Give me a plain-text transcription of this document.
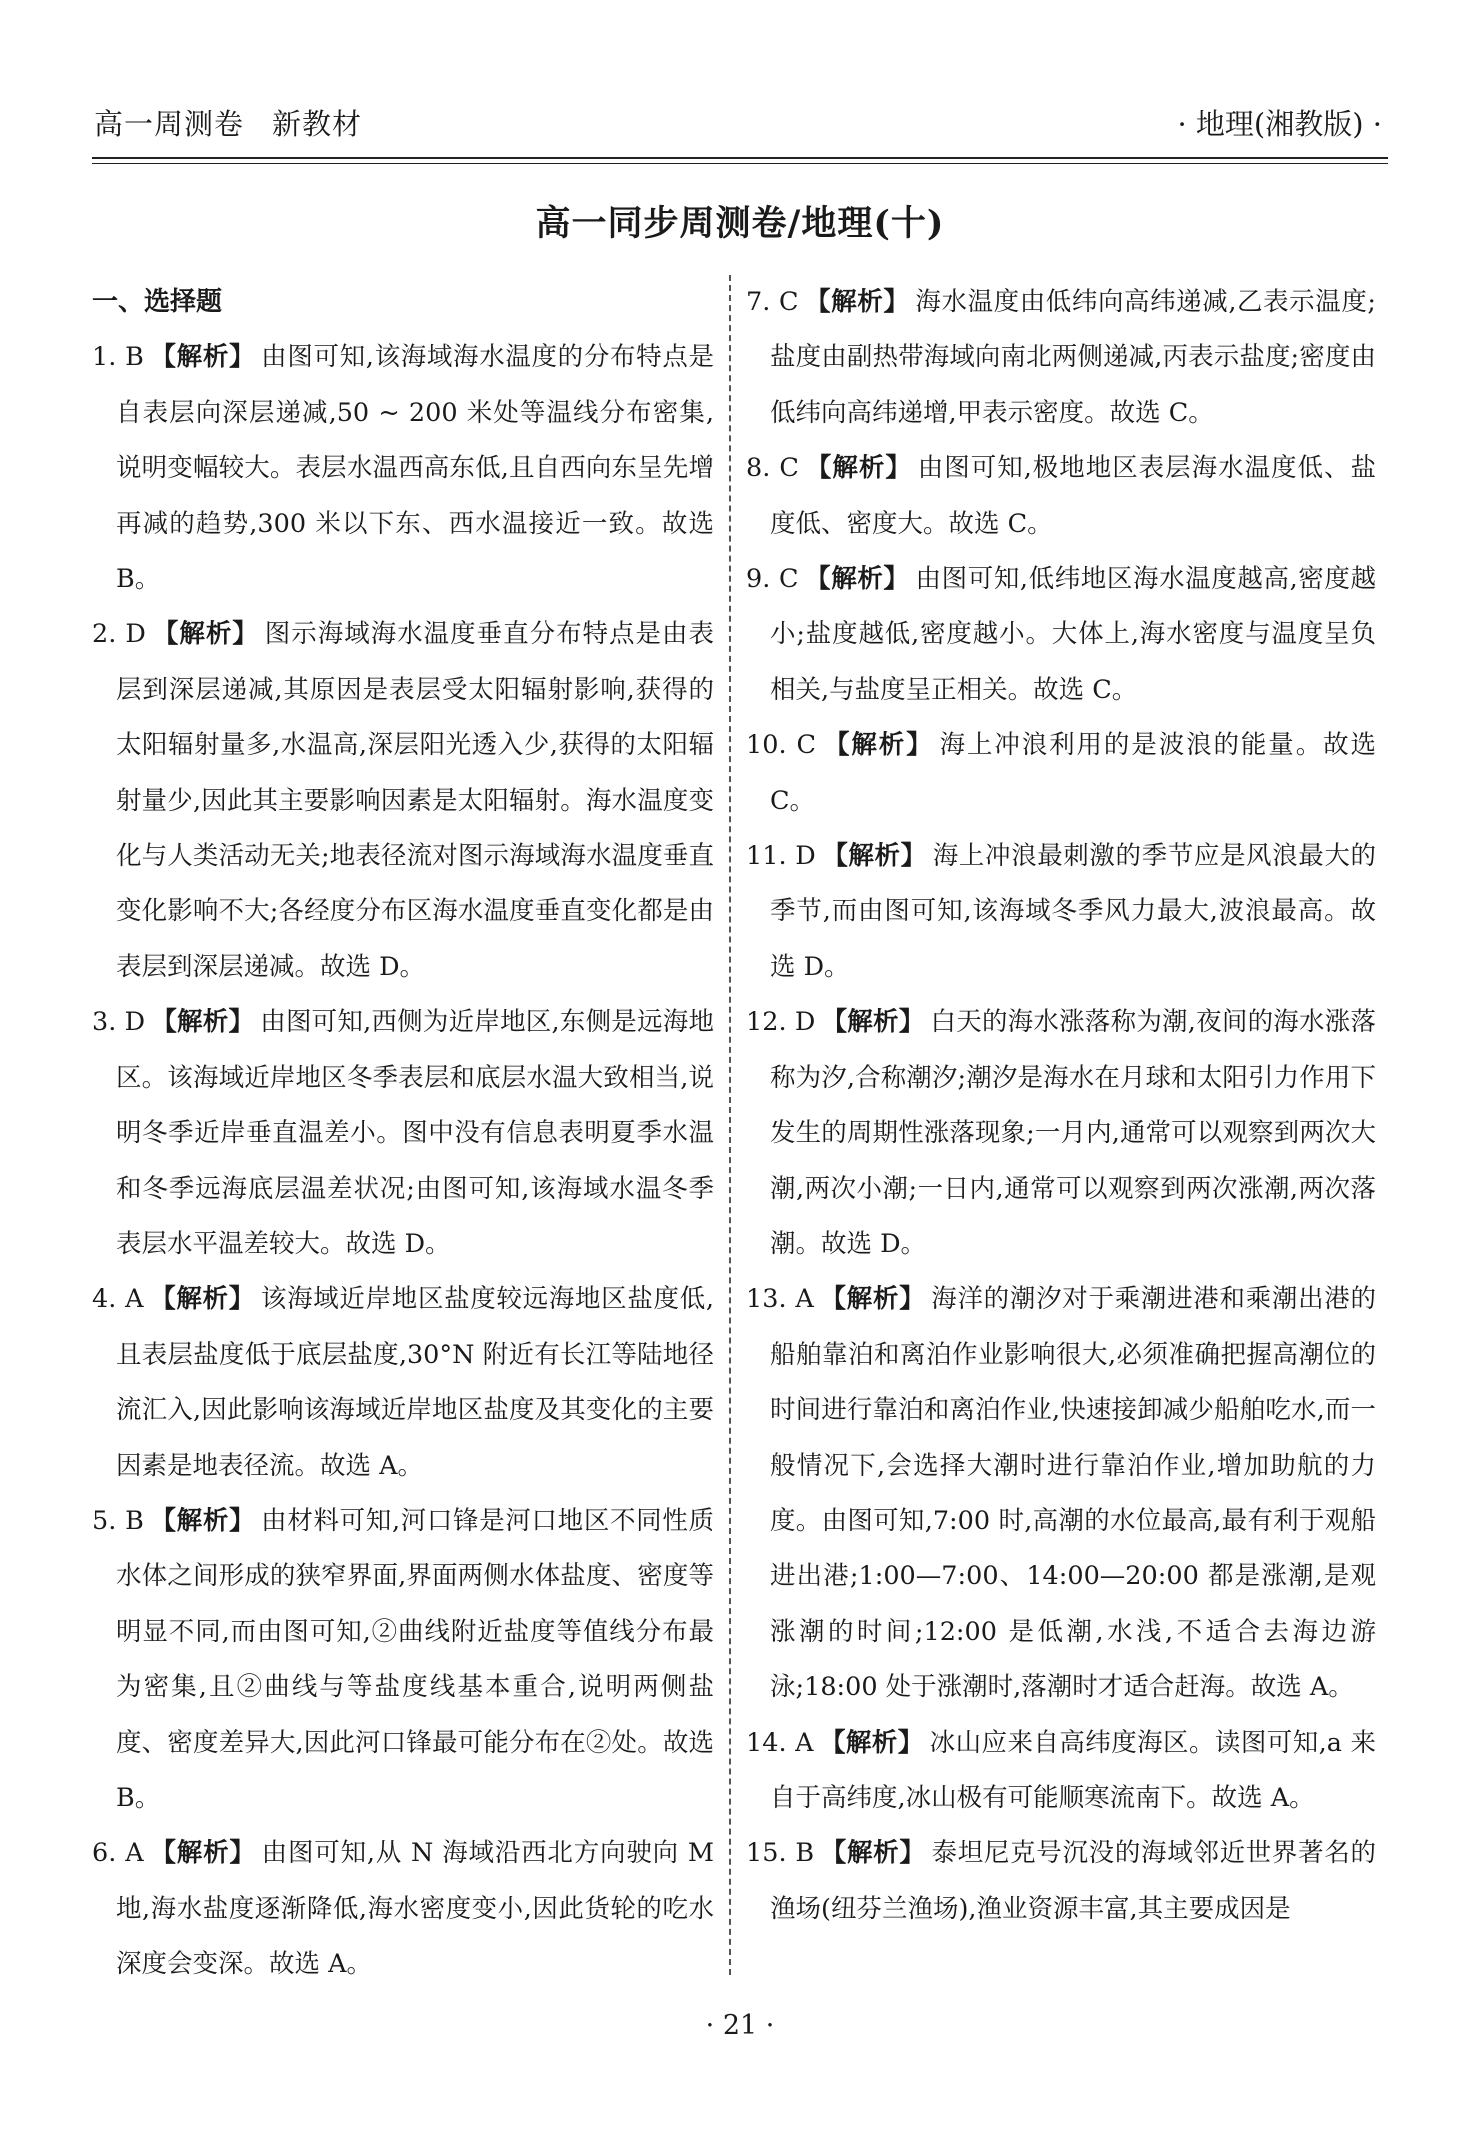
高一周测卷 新教材	· 地理(湘教版) ·
高一同步周测卷/地理(十)
一、选择题

1. B 【解析】 由图可知,该海域海水温度的分布特点是自表层向深层递减,50 ~ 200 米处等温线分布密集,说明变幅较大。表层水温西高东低,且自西向东呈先增再减的趋势,300 米以下东、西水温接近一致。故选 B。

2. D 【解析】 图示海域海水温度垂直分布特点是由表层到深层递减,其原因是表层受太阳辐射影响,获得的太阳辐射量多,水温高,深层阳光透入少,获得的太阳辐射量少,因此其主要影响因素是太阳辐射。海水温度变化与人类活动无关;地表径流对图示海域海水温度垂直变化影响不大;各经度分布区海水温度垂直变化都是由表层到深层递减。故选 D。

3. D 【解析】 由图可知,西侧为近岸地区,东侧是远海地区。该海域近岸地区冬季表层和底层水温大致相当,说明冬季近岸垂直温差小。图中没有信息表明夏季水温和冬季远海底层温差状况;由图可知,该海域水温冬季表层水平温差较大。故选 D。

4. A 【解析】 该海域近岸地区盐度较远海地区盐度低,且表层盐度低于底层盐度,30°N 附近有长江等陆地径流汇入,因此影响该海域近岸地区盐度及其变化的主要因素是地表径流。故选 A。

5. B 【解析】 由材料可知,河口锋是河口地区不同性质水体之间形成的狭窄界面,界面两侧水体盐度、密度等明显不同,而由图可知,②曲线附近盐度等值线分布最为密集,且②曲线与等盐度线基本重合,说明两侧盐度、密度差异大,因此河口锋最可能分布在②处。故选 B。

6. A 【解析】 由图可知,从 N 海域沿西北方向驶向 M 地,海水盐度逐渐降低,海水密度变小,因此货轮的吃水深度会变深。故选 A。

7. C 【解析】 海水温度由低纬向高纬递减,乙表示温度;盐度由副热带海域向南北两侧递减,丙表示盐度;密度由低纬向高纬递增,甲表示密度。故选 C。

8. C 【解析】 由图可知,极地地区表层海水温度低、盐度低、密度大。故选 C。

9. C 【解析】 由图可知,低纬地区海水温度越高,密度越小;盐度越低,密度越小。大体上,海水密度与温度呈负相关,与盐度呈正相关。故选 C。

10. C 【解析】 海上冲浪利用的是波浪的能量。故选 C。

11. D 【解析】 海上冲浪最刺激的季节应是风浪最大的季节,而由图可知,该海域冬季风力最大,波浪最高。故选 D。

12. D 【解析】 白天的海水涨落称为潮,夜间的海水涨落称为汐,合称潮汐;潮汐是海水在月球和太阳引力作用下发生的周期性涨落现象;一月内,通常可以观察到两次大潮,两次小潮;一日内,通常可以观察到两次涨潮,两次落潮。故选 D。

13. A 【解析】 海洋的潮汐对于乘潮进港和乘潮出港的船舶靠泊和离泊作业影响很大,必须准确把握高潮位的时间进行靠泊和离泊作业,快速接卸减少船舶吃水,而一般情况下,会选择大潮时进行靠泊作业,增加助航的力度。由图可知,7:00 时,高潮的水位最高,最有利于观船进出港;1:00—7:00、14:00—20:00 都是涨潮,是观涨潮的时间;12:00 是低潮,水浅,不适合去海边游泳;18:00 处于涨潮时,落潮时才适合赶海。故选 A。

14. A 【解析】 冰山应来自高纬度海区。读图可知,a 来自于高纬度,冰山极有可能顺寒流南下。故选 A。

15. B 【解析】 泰坦尼克号沉没的海域邻近世界著名的渔场(纽芬兰渔场),渔业资源丰富,其主要成因是

· 21 ·
